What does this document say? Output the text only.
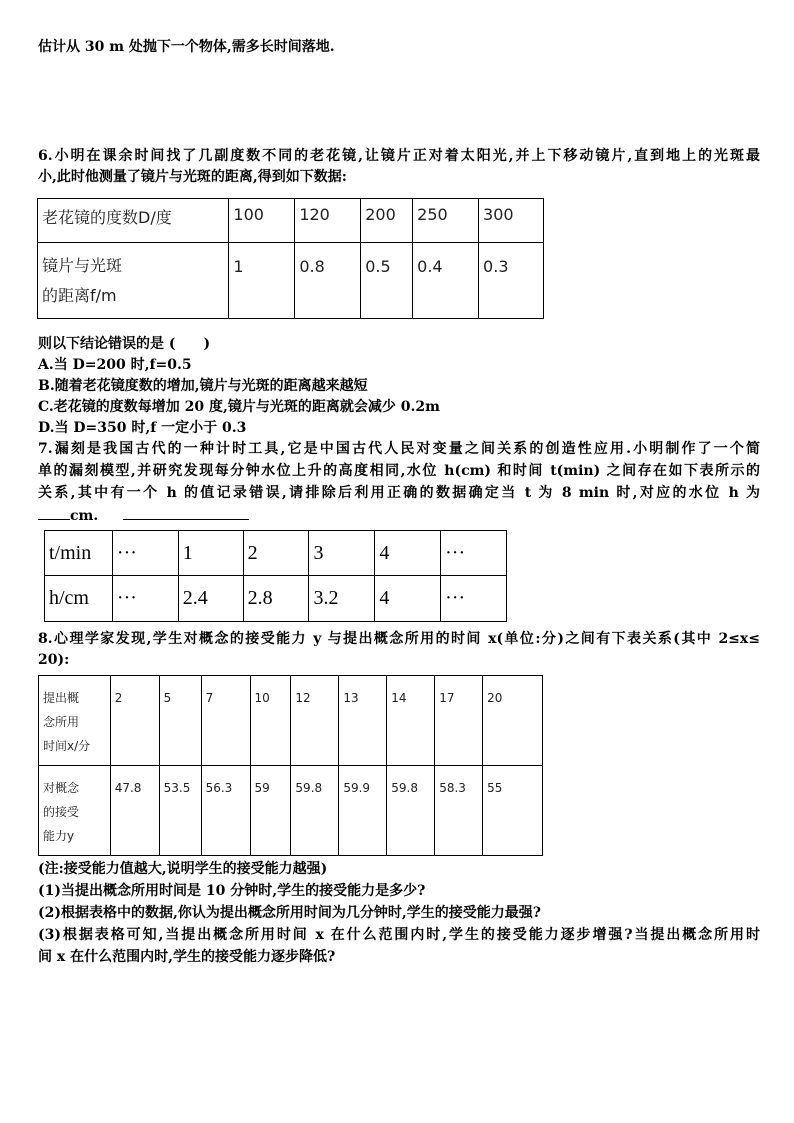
估计从 30 m 处抛下一个物体,需多长时间落地.
6.小明在课余时间找了几副度数不同的老花镜,让镜片正对着太阳光,并上下移动镜片,直到地上的光斑最
小,此时他测量了镜片与光斑的距离,得到如下数据:
老花镜的度数D/度	100	120	200	250	300

镜片与光斑
的距离f/m	1	0.8	0.5	0.4	0.3
则以下结论错误的是 (　　)
A.当 D=200 时,f=0.5
B.随着老花镜度数的增加,镜片与光斑的距离越来越短
C.老花镜的度数每增加 20 度,镜片与光斑的距离就会减少 0.2m
D.当 D=350 时,f 一定小于 0.3
7.漏刻是我国古代的一种计时工具,它是中国古代人民对变量之间关系的创造性应用.小明制作了一个简
单的漏刻模型,并研究发现每分钟水位上升的高度相同,水位 h(cm) 和时间 t(min) 之间存在如下表所示的
关系,其中有一个 h 的值记录错误,请排除后利用正确的数据确定当 t 为 8 min 时,对应的水位 h 为
cm.
t/min	···	1	2	3	4	···
h/cm	···	2.4	2.8	3.2	4	···
8.心理学家发现,学生对概念的接受能力 y 与提出概念所用的时间 x(单位:分)之间有下表关系(其中 2≤x≤
20):
提出概
念所用
时间x/分	2	5	7	10	12	13	14	17	20

对概念
的接受
能力y	47.8	53.5	56.3	59	59.8	59.9	59.8	58.3	55
(注:接受能力值越大,说明学生的接受能力越强)
(1)当提出概念所用时间是 10 分钟时,学生的接受能力是多少?
(2)根据表格中的数据,你认为提出概念所用时间为几分钟时,学生的接受能力最强?
(3)根据表格可知,当提出概念所用时间 x 在什么范围内时,学生的接受能力逐步增强?当提出概念所用时
间 x 在什么范围内时,学生的接受能力逐步降低?
